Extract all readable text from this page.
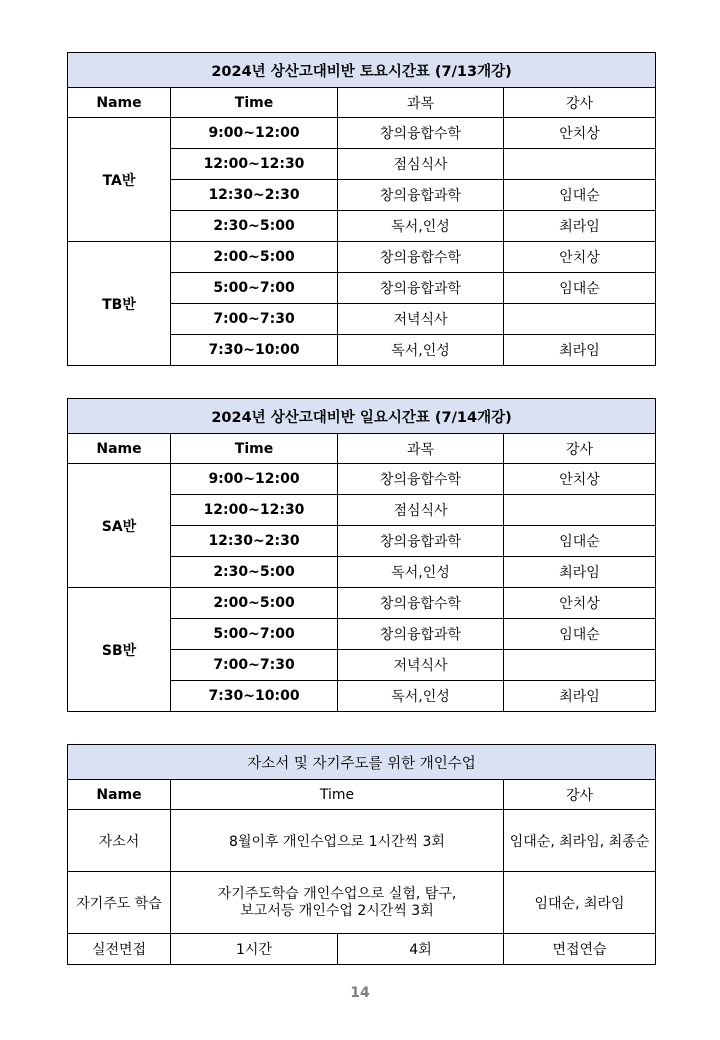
2024년 상산고대비반 토요시간표 (7/13개강)			
Name	Time	과목	강사
TA반	9:00~12:00	창의융합수학	안치상
	12:00~12:30	점심식사	
	12:30~2:30	창의융합과학	임대순
	2:30~5:00	독서,인성	최라임
TB반	2:00~5:00	창의융합수학	안치상
	5:00~7:00	창의융합과학	임대순
	7:00~7:30	저녁식사	
	7:30~10:00	독서,인성	최라임
2024년 상산고대비반 일요시간표 (7/14개강)			
Name	Time	과목	강사
SA반	9:00~12:00	창의융합수학	안치상
	12:00~12:30	점심식사	
	12:30~2:30	창의융합과학	임대순
	2:30~5:00	독서,인성	최라임
SB반	2:00~5:00	창의융합수학	안치상
	5:00~7:00	창의융합과학	임대순
	7:00~7:30	저녁식사	
	7:30~10:00	독서,인성	최라임
자소서 및 자기주도를 위한 개인수업			
Name	Time		강사
자소서	8월이후 개인수업으로 1시간씩 3회		임대순, 최라임, 최종순
자기주도 학습	자기주도학습 개인수업으로 실험, 탐구,
보고서등 개인수업 2시간씩 3회		임대순, 최라임
실전면접	1시간	4회	면접연습
14
